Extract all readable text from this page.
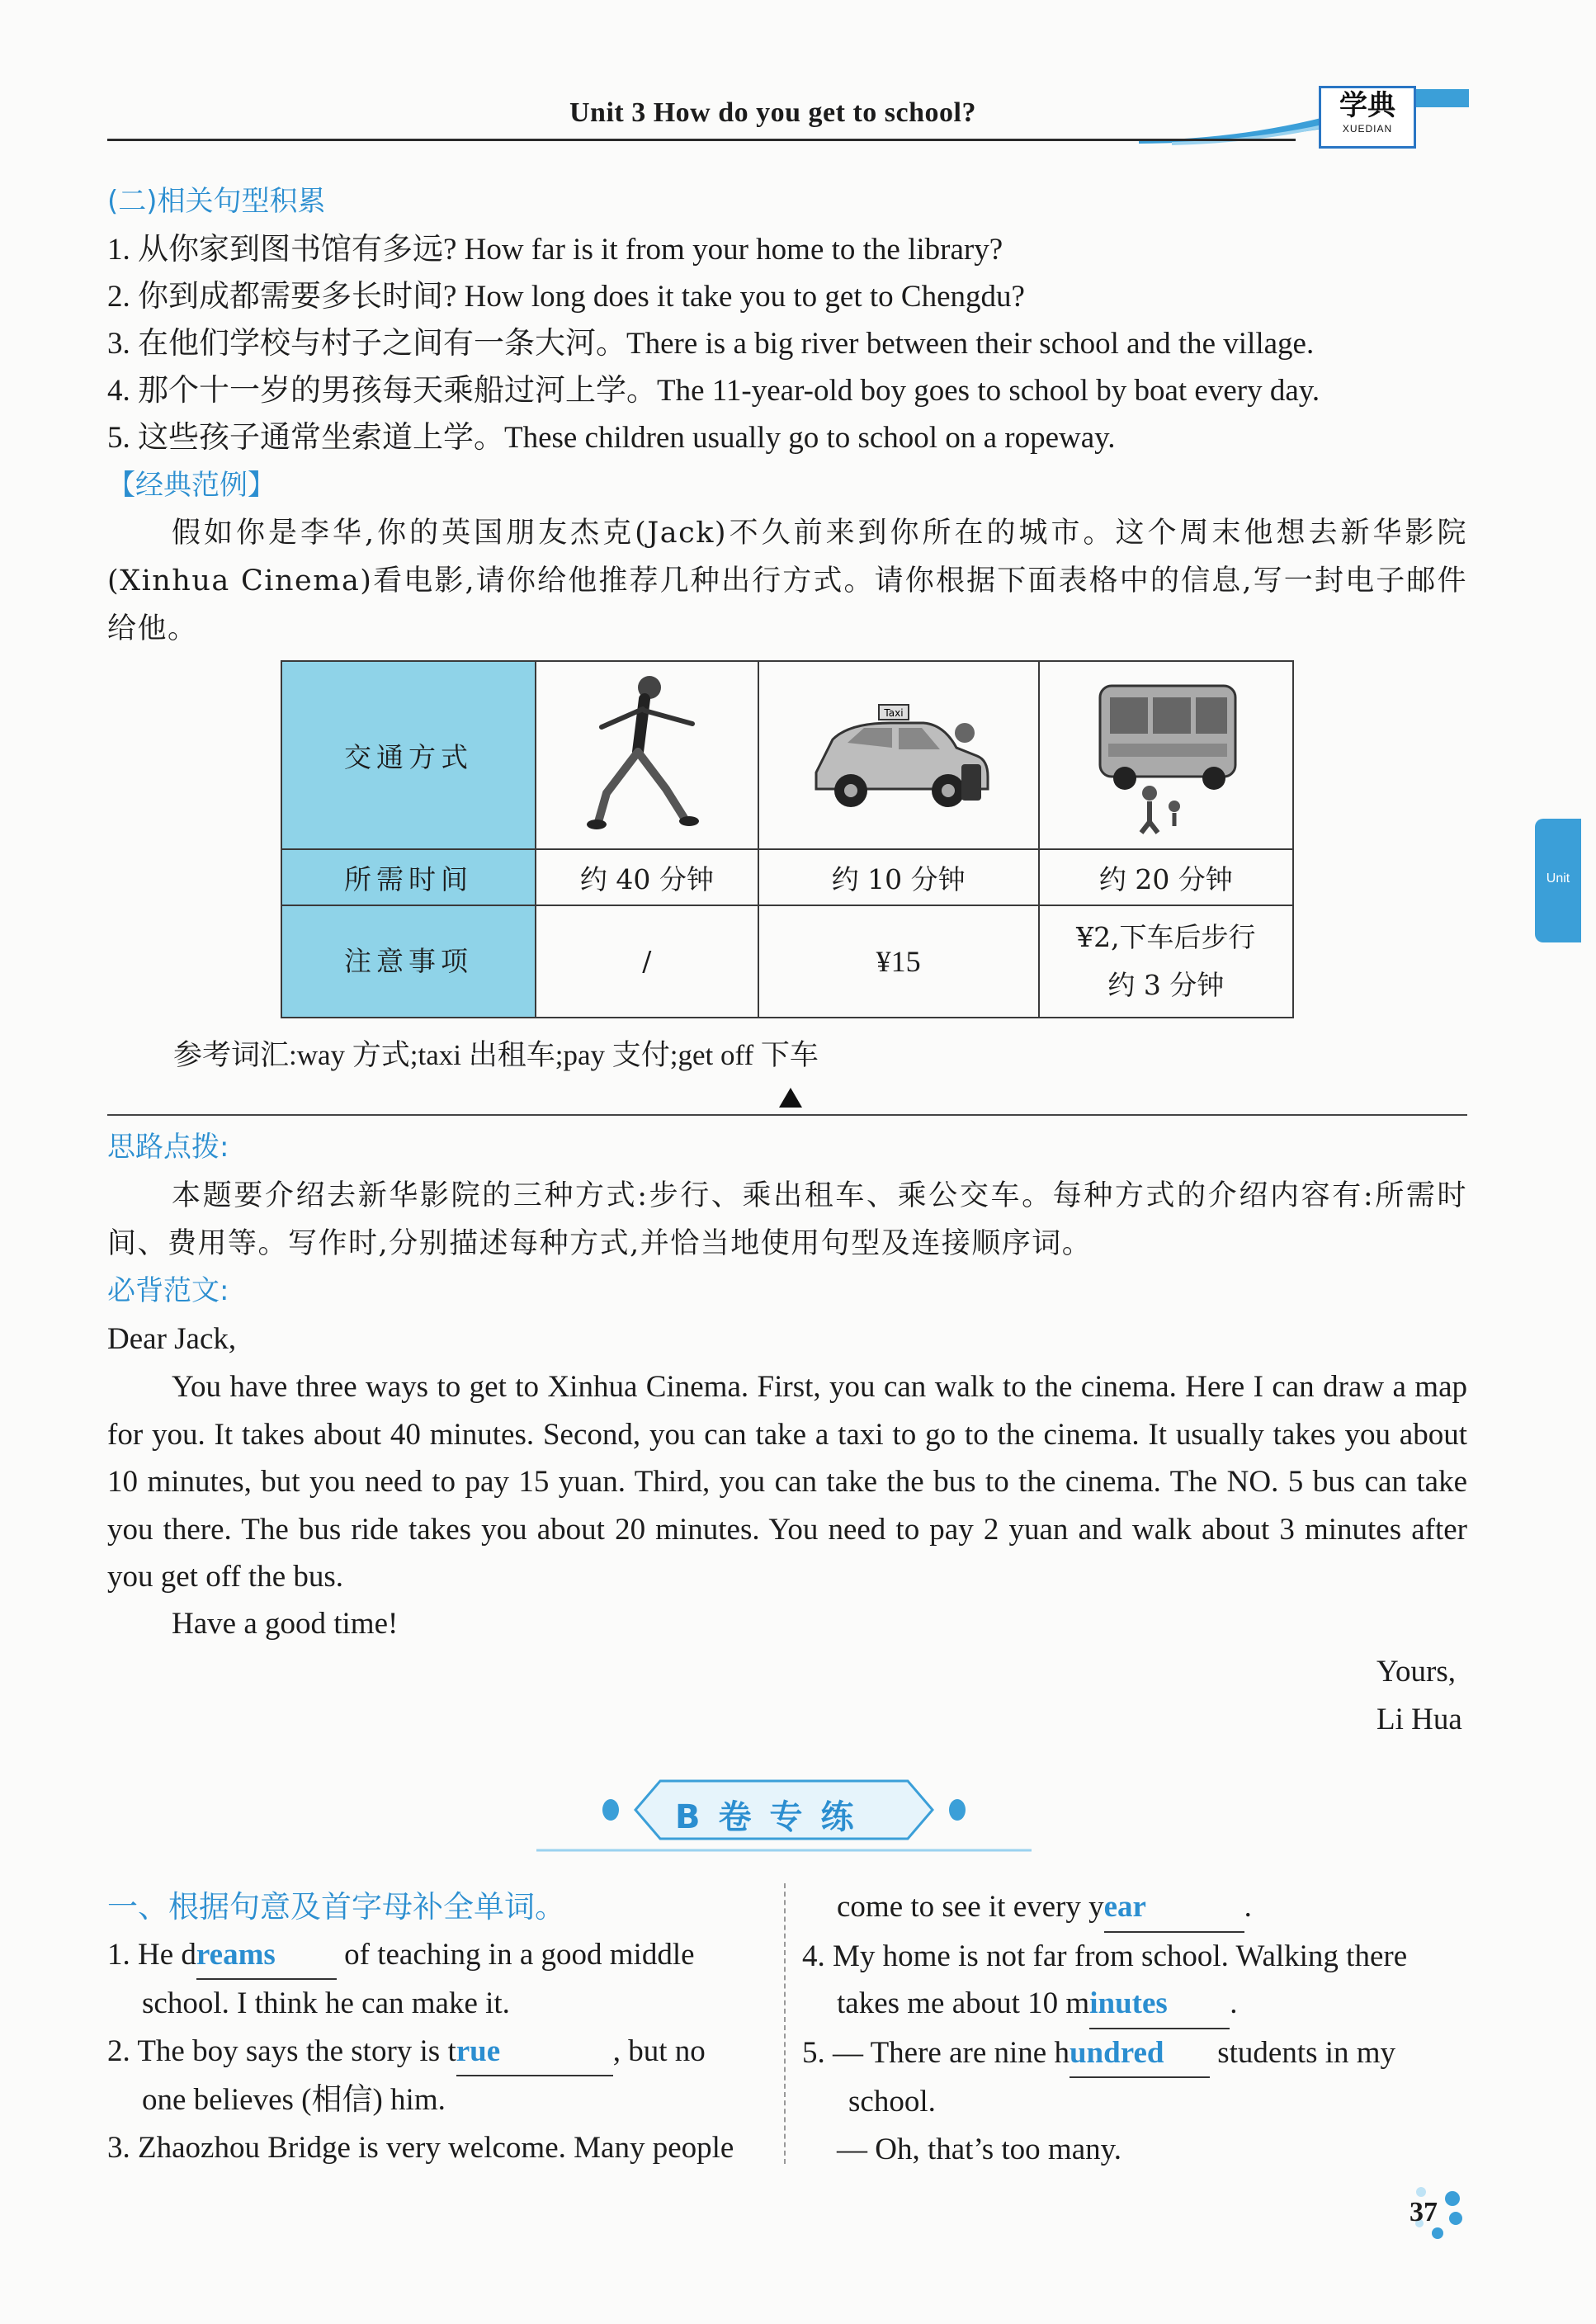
Unit 3 How do you get to school?	学典
XUEDIAN
Unit
(二)相关句型积累
1. 从你家到图书馆有多远? How far is it from your home to the library?
2. 你到成都需要多长时间? How long does it take you to get to Chengdu?
3. 在他们学校与村子之间有一条大河。There is a big river between their school and the village.
4. 那个十一岁的男孩每天乘船过河上学。The 11-year-old boy goes to school by boat every day.
5. 这些孩子通常坐索道上学。These children usually go to school on a ropeway.
【经典范例】
假如你是李华,你的英国朋友杰克(Jack)不久前来到你所在的城市。这个周末他想去新华影院(Xinhua Cinema)看电影,请你给他推荐几种出行方式。请你根据下面表格中的信息,写一封电子邮件给他。
交通方式		Taxi

所需时间	约 40 分钟	约 10 分钟	约 20 分钟
注意事项	/	¥15	¥2,下车后步行
约 3 分钟
参考词汇:way 方式;taxi 出租车;pay 支付;get off 下车
思路点拨:
本题要介绍去新华影院的三种方式:步行、乘出租车、乘公交车。每种方式的介绍内容有:所需时间、费用等。写作时,分别描述每种方式,并恰当地使用句型及连接顺序词。
必背范文:
Dear Jack,
You have three ways to get to Xinhua Cinema. First, you can walk to the cinema. Here I can draw a map for you. It takes about 40 minutes. Second, you can take a taxi to go to the cinema. It usually takes you about 10 minutes, but you need to pay 15 yuan. Third, you can take the bus to the cinema. The NO. 5 bus can take you there. The bus ride takes you about 20 minutes. You need to pay 2 yuan and walk about 3 minutes after you get off the bus.
Have a good time!
Yours,
Li Hua
B卷专练
一、根据句意及首字母补全单词。
1. He dreams of teaching in a good middle
school. I think he can make it.
2. The boy says the story is true	, but no
one believes (相信) him.
3. Zhaozhou Bridge is very welcome. Many people
come to see it every year	.
4. My home is not far from school. Walking there
takes me about 10 minutes .
5. — There are nine hundred students in my
school.
— Oh, that’s too many.
37
